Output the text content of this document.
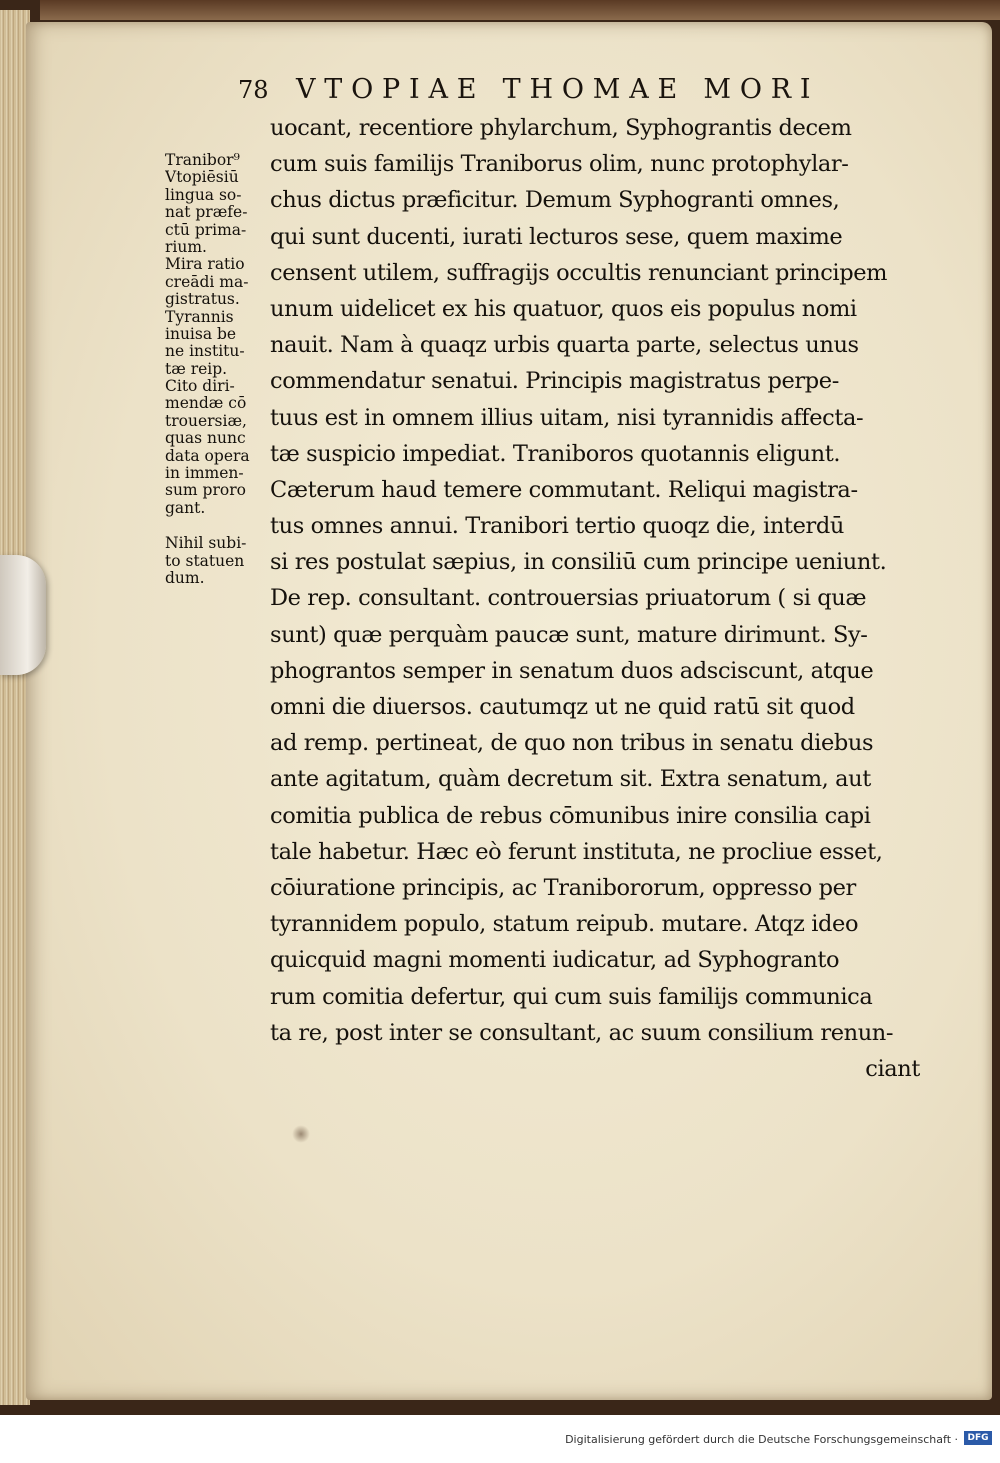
78 VTOPIAE THOMAE MORI
uocant, recentiore phylarchum, Syphograntis decem
cum suis familijs Traniborus olim, nunc protophylar-
chus dictus præficitur. Demum Syphogranti omnes,
qui sunt ducenti, iurati lecturos sese, quem maxime
censent utilem, suffragijs occultis renunciant principem
unum uidelicet ex his quatuor, quos eis populus nomi
nauit. Nam à quaqz urbis quarta parte, selectus unus
commendatur senatui. Principis magistratus perpe-
tuus est in omnem illius uitam, nisi tyrannidis affecta-
tæ suspicio impediat. Traniboros quotannis eligunt.
Cæterum haud temere commutant. Reliqui magistra-
tus omnes annui. Tranibori tertio quoqz die, interdū
si res postulat sæpius, in consiliū cum principe ueniunt.
De rep. consultant. controuersias priuatorum ( si quæ
sunt) quæ perquàm paucæ sunt, mature dirimunt. Sy-
phograntos semper in senatum duos adsciscunt, atque
omni die diuersos. cautumqz ut ne quid ratū sit quod
ad remp. pertineat, de quo non tribus in senatu diebus
ante agitatum, quàm decretum sit. Extra senatum, aut
comitia publica de rebus cōmunibus inire consilia capi
tale habetur. Hæc eò ferunt instituta, ne procliue esset,
cōiuratione principis, ac Tranibororum, oppresso per
tyrannidem populo, statum reipub. mutare. Atqz ideo
quicquid magni momenti iudicatur, ad Syphogranto
rum comitia defertur, qui cum suis familijs communica
ta re, post inter se consultant, ac suum consilium renun-
ciant
Tranibor⁹
Vtopiēsiū
lingua so-
nat præfe-
ctū prima-
rium.
Mira ratio
creādi ma-
gistratus.
Tyrannis
inuisa be
ne institu-
tæ reip.
Cito diri-
mendæ cō
trouersiæ,
quas nunc
data opera
in immen-
sum proro
gant.
Nihil subi-
to statuen
dum.
Digitalisierung gefördert durch die Deutsche Forschungsgemeinschaft ·	DFG
